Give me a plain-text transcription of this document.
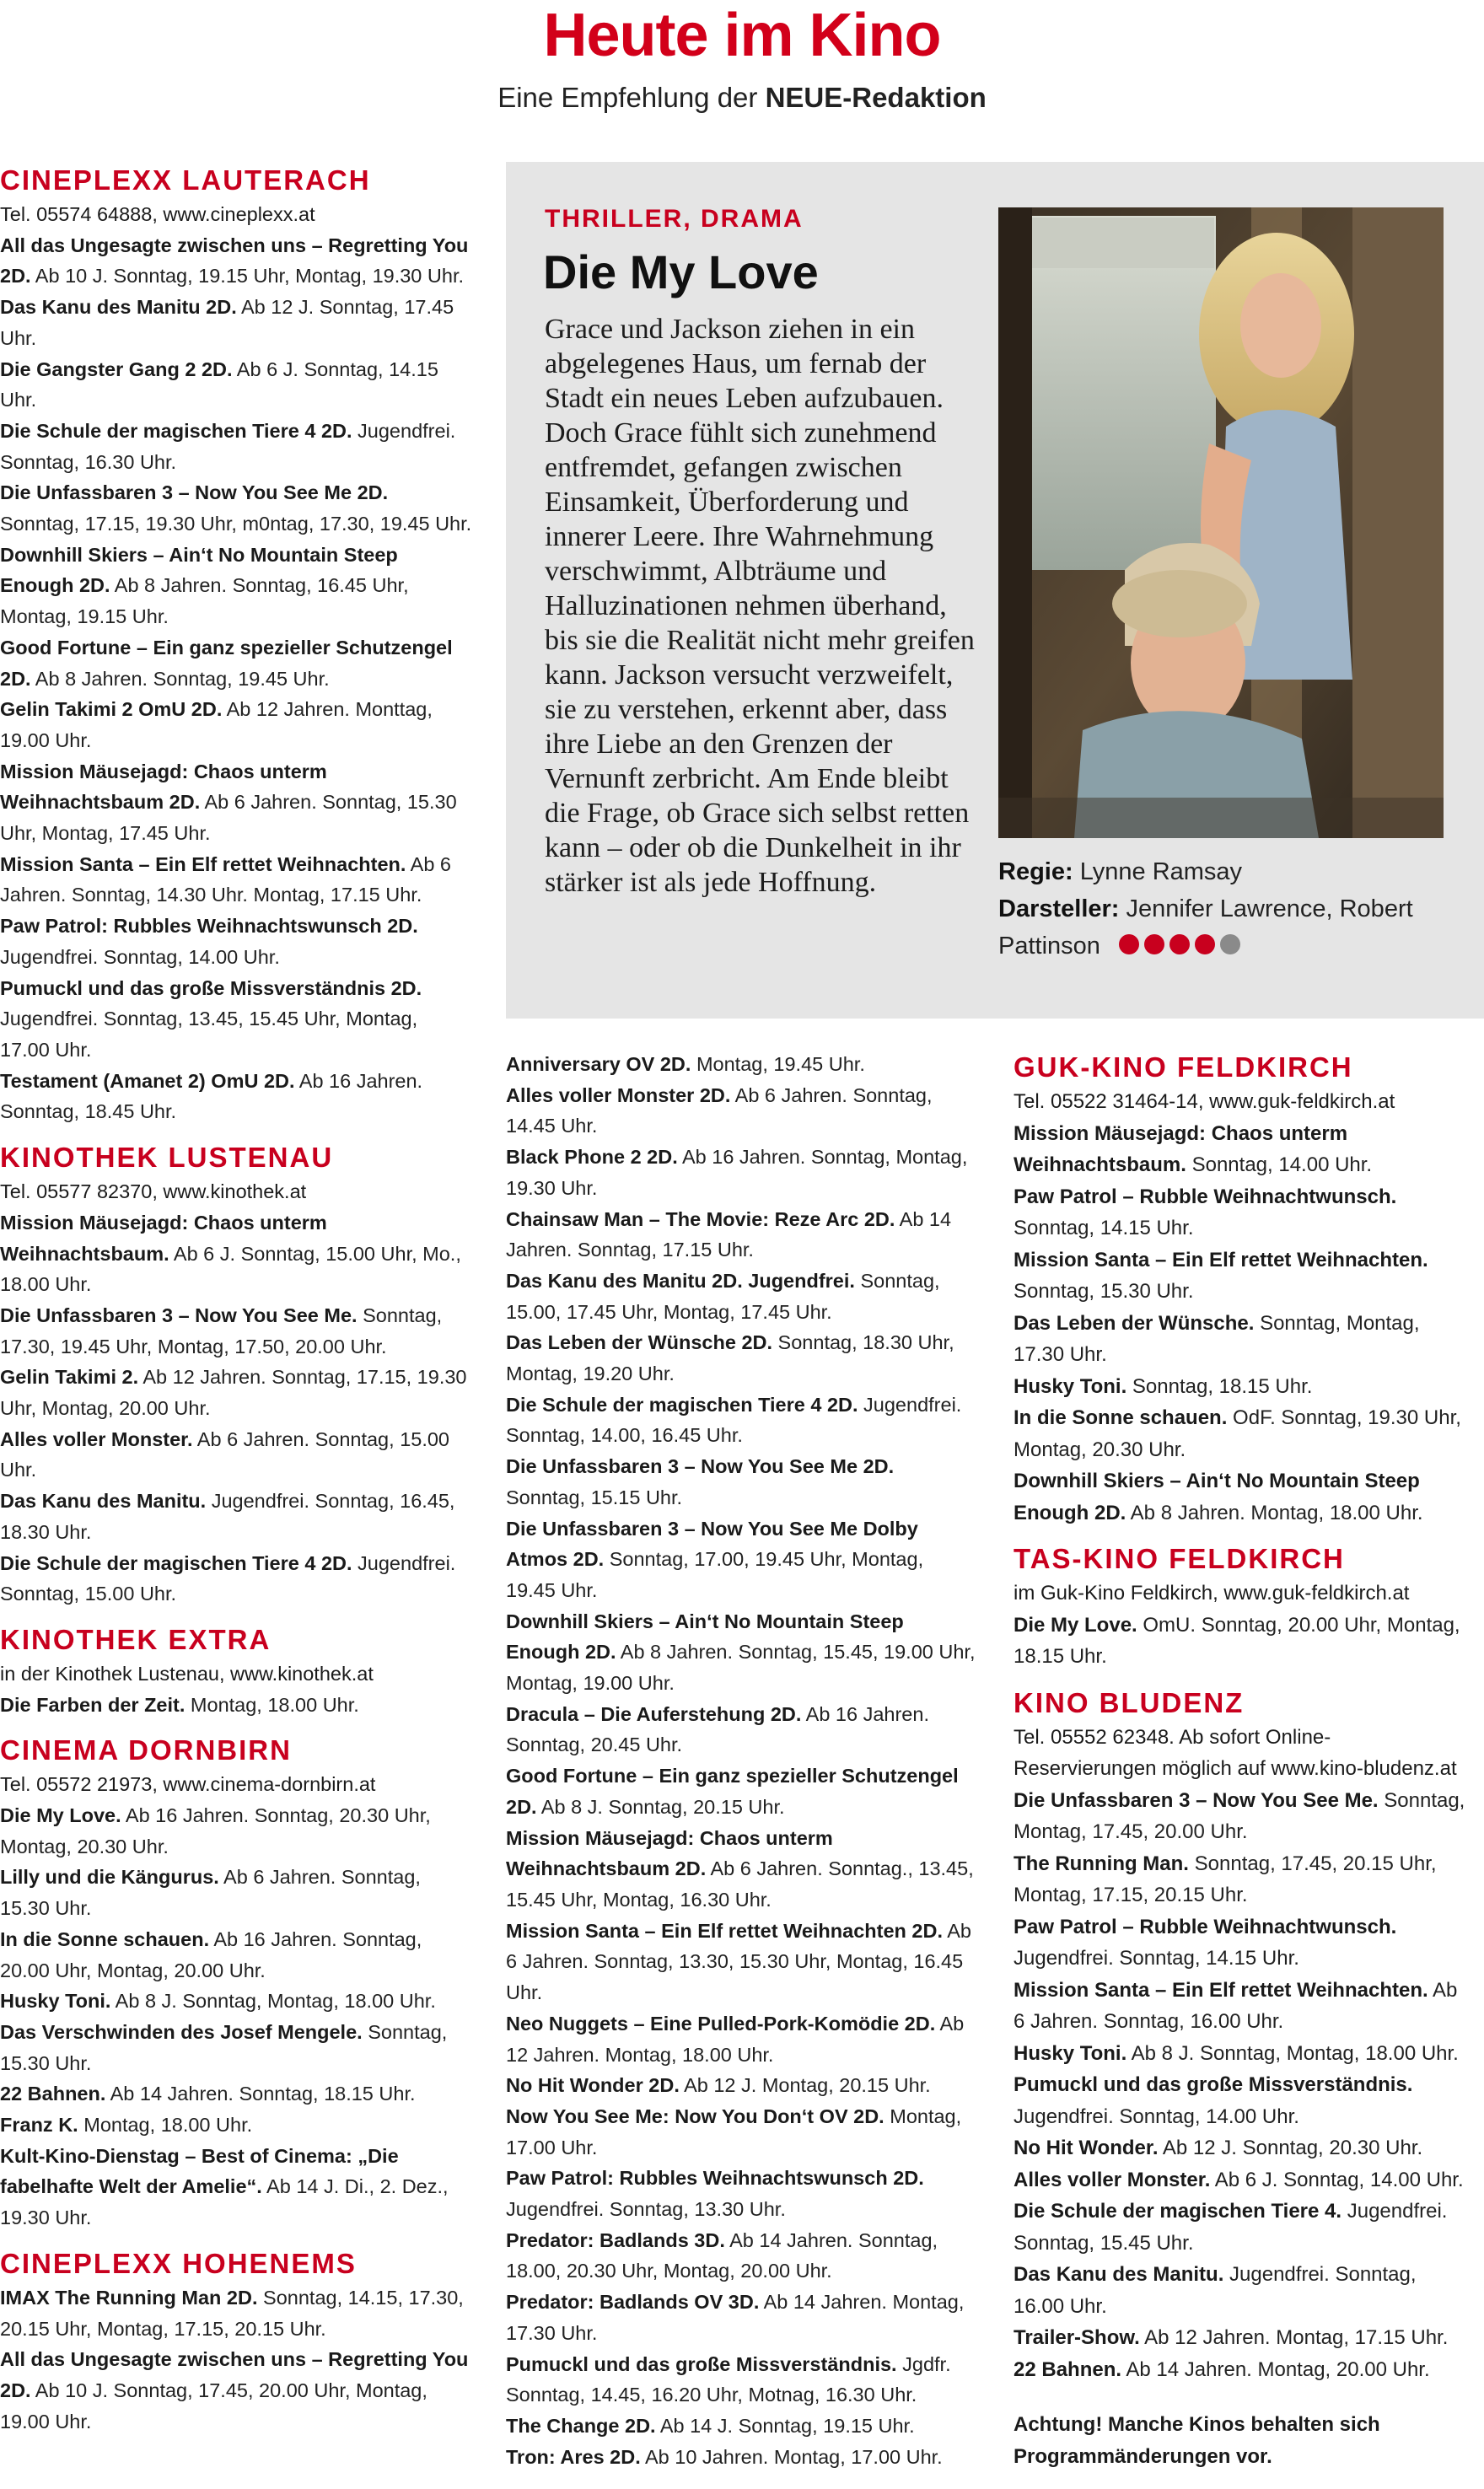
Heute im Kino
Eine Empfehlung der NEUE-Redaktion

CINEPLEXX LAUTERACH

Tel. 05574 64888, www.cineplexx.at

All das Ungesagte zwischen uns – Regretting You 2D. Ab 10 J. Sonntag, 19.15 Uhr, Montag, 19.30 Uhr.

Das Kanu des Manitu 2D. Ab 12 J. Sonntag, 17.45 Uhr.

Die Gangster Gang 2 2D. Ab 6 J. Sonntag, 14.15 Uhr.

Die Schule der magischen Tiere 4 2D. Jugendfrei. Sonntag, 16.30 Uhr.

Die Unfassbaren 3 – Now You See Me 2D. Sonntag, 17.15, 19.30 Uhr, m0ntag, 17.30, 19.45 Uhr.

Downhill Skiers – Ain‘t No Mountain Steep Enough 2D. Ab 8 Jahren. Sonntag, 16.45 Uhr, Montag, 19.15 Uhr.

Good Fortune – Ein ganz spezieller Schutzengel 2D. Ab 8 Jahren. Sonntag, 19.45 Uhr.

Gelin Takimi 2 OmU 2D. Ab 12 Jahren. Monttag, 19.00 Uhr.

Mission Mäusejagd: Chaos unterm Weihnachtsbaum 2D. Ab 6 Jahren. Sonntag, 15.30 Uhr, Montag, 17.45 Uhr.

Mission Santa – Ein Elf rettet Weihnachten. Ab 6 Jahren. Sonntag, 14.30 Uhr. Montag, 17.15 Uhr.

Paw Patrol: Rubbles Weihnachtswunsch 2D. Jugendfrei. Sonntag, 14.00 Uhr.

Pumuckl und das große Missverständnis 2D. Jugendfrei. Sonntag, 13.45, 15.45 Uhr, Montag, 17.00 Uhr.

Testament (Amanet 2) OmU 2D. Ab 16 Jahren. Sonntag, 18.45 Uhr.

KINOTHEK LUSTENAU

Tel. 05577 82370, www.kinothek.at

Mission Mäusejagd: Chaos unterm Weihnachtsbaum. Ab 6 J. Sonntag, 15.00 Uhr, Mo., 18.00 Uhr.

Die Unfassbaren 3 – Now You See Me. Sonntag, 17.30, 19.45 Uhr, Montag, 17.50, 20.00 Uhr.

Gelin Takimi 2. Ab 12 Jahren. Sonntag, 17.15, 19.30 Uhr, Montag, 20.00 Uhr.

Alles voller Monster. Ab 6 Jahren. Sonntag, 15.00 Uhr.

Das Kanu des Manitu. Jugendfrei. Sonntag, 16.45, 18.30 Uhr.

Die Schule der magischen Tiere 4 2D. Jugendfrei. Sonntag, 15.00 Uhr.

KINOTHEK EXTRA

in der Kinothek Lustenau, www.kinothek.at

Die Farben der Zeit. Montag, 18.00 Uhr.

CINEMA DORNBIRN

Tel. 05572 21973, www.cinema-dornbirn.at

Die My Love. Ab 16 Jahren. Sonntag, 20.30 Uhr, Montag, 20.30 Uhr.

Lilly und die Kängurus. Ab 6 Jahren. Sonntag, 15.30 Uhr.

In die Sonne schauen. Ab 16 Jahren. Sonntag, 20.00 Uhr, Montag, 20.00 Uhr.

Husky Toni. Ab 8 J. Sonntag, Montag, 18.00 Uhr.

Das Verschwinden des Josef Mengele. Sonntag, 15.30 Uhr.

22 Bahnen. Ab 14 Jahren. Sonntag, 18.15 Uhr.

Franz K. Montag, 18.00 Uhr.

Kult-Kino-Dienstag – Best of Cinema: „Die fabelhafte Welt der Amelie“. Ab 14 J. Di., 2. Dez., 19.30 Uhr.

CINEPLEXX HOHENEMS

IMAX The Running Man 2D. Sonntag, 14.15, 17.30, 20.15 Uhr, Montag, 17.15, 20.15 Uhr.

All das Ungesagte zwischen uns – Regretting You 2D. Ab 10 J. Sonntag, 17.45, 20.00 Uhr, Montag, 19.00 Uhr.

THRILLER, DRAMA
Die My Love
Grace und Jackson ziehen in ein abgelegenes Haus, um fernab der Stadt ein neues Leben aufzubauen. Doch Grace fühlt sich zunehmend entfremdet, gefangen zwischen Einsamkeit, Überforderung und innerer Leere. Ihre Wahrnehmung verschwimmt, Albträume und Halluzinationen nehmen überhand, bis sie die Realität nicht mehr greifen kann. Jackson versucht verzweifelt, sie zu verstehen, erkennt aber, dass ihre Liebe an den Grenzen der Vernunft zerbricht. Am Ende bleibt die Frage, ob Grace sich selbst retten kann – oder ob die Dunkelheit in ihr stärker ist als jede Hoffnung.	Regie: Lynne Ramsay
Darsteller: Jennifer Lawrence, Robert Pattinson

Anniversary OV 2D. Montag, 19.45 Uhr.

Alles voller Monster 2D. Ab 6 Jahren. Sonntag, 14.45 Uhr.

Black Phone 2 2D. Ab 16 Jahren. Sonntag, Montag, 19.30 Uhr.

Chainsaw Man – The Movie: Reze Arc 2D. Ab 14 Jahren. Sonntag, 17.15 Uhr.

Das Kanu des Manitu 2D. Jugendfrei. Sonntag, 15.00, 17.45 Uhr, Montag, 17.45 Uhr.

Das Leben der Wünsche 2D. Sonntag, 18.30 Uhr, Montag, 19.20 Uhr.

Die Schule der magischen Tiere 4 2D. Jugendfrei. Sonntag, 14.00, 16.45 Uhr.

Die Unfassbaren 3 – Now You See Me 2D. Sonntag, 15.15 Uhr.

Die Unfassbaren 3 – Now You See Me Dolby Atmos 2D. Sonntag, 17.00, 19.45 Uhr, Montag, 19.45 Uhr.

Downhill Skiers – Ain‘t No Mountain Steep Enough 2D. Ab 8 Jahren. Sonntag, 15.45, 19.00 Uhr, Montag, 19.00 Uhr.

Dracula – Die Auferstehung 2D. Ab 16 Jahren. Sonntag, 20.45 Uhr.

Good Fortune – Ein ganz spezieller Schutzengel 2D. Ab 8 J. Sonntag, 20.15 Uhr.

Mission Mäusejagd: Chaos unterm Weihnachtsbaum 2D. Ab 6 Jahren. Sonntag., 13.45, 15.45 Uhr, Montag, 16.30 Uhr.

Mission Santa – Ein Elf rettet Weihnachten 2D. Ab 6 Jahren. Sonntag, 13.30, 15.30 Uhr, Montag, 16.45 Uhr.

Neo Nuggets – Eine Pulled-Pork-Komödie 2D. Ab 12 Jahren. Montag, 18.00 Uhr.

No Hit Wonder 2D. Ab 12 J. Montag, 20.15 Uhr.

Now You See Me: Now You Don‘t OV 2D. Montag, 17.00 Uhr.

Paw Patrol: Rubbles Weihnachtswunsch 2D. Jugendfrei. Sonntag, 13.30 Uhr.

Predator: Badlands 3D. Ab 14 Jahren. Sonntag, 18.00, 20.30 Uhr, Montag, 20.00 Uhr.

Predator: Badlands OV 3D. Ab 14 Jahren. Montag, 17.30 Uhr.

Pumuckl und das große Missverständnis. Jgdfr. Sonntag, 14.45, 16.20 Uhr, Motnag, 16.30 Uhr.

The Change 2D. Ab 14 J. Sonntag, 19.15 Uhr.

Tron: Ares 2D. Ab 10 Jahren. Montag, 17.00 Uhr.

GUK-KINO FELDKIRCH

Tel. 05522 31464-14, www.guk-feldkirch.at

Mission Mäusejagd: Chaos unterm Weihnachtsbaum. Sonntag, 14.00 Uhr.

Paw Patrol – Rubble Weihnachtwunsch. Sonntag, 14.15 Uhr.

Mission Santa – Ein Elf rettet Weihnachten. Sonntag, 15.30 Uhr.

Das Leben der Wünsche. Sonntag, Montag, 17.30 Uhr.

Husky Toni. Sonntag, 18.15 Uhr.

In die Sonne schauen. OdF. Sonntag, 19.30 Uhr, Montag, 20.30 Uhr.

Downhill Skiers – Ain‘t No Mountain Steep Enough 2D. Ab 8 Jahren. Montag, 18.00 Uhr.

TAS-KINO FELDKIRCH

im Guk-Kino Feldkirch, www.guk-feldkirch.at

Die My Love. OmU. Sonntag, 20.00 Uhr, Montag, 18.15 Uhr.

KINO BLUDENZ

Tel. 05552 62348. Ab sofort Online-Reservierungen möglich auf www.kino-bludenz.at

Die Unfassbaren 3 – Now You See Me. Sonntag, Montag, 17.45, 20.00 Uhr.

The Running Man. Sonntag, 17.45, 20.15 Uhr, Montag, 17.15, 20.15 Uhr.

Paw Patrol – Rubble Weihnachtwunsch. Jugendfrei. Sonntag, 14.15 Uhr.

Mission Santa – Ein Elf rettet Weihnachten. Ab 6 Jahren. Sonntag, 16.00 Uhr.

Husky Toni. Ab 8 J. Sonntag, Montag, 18.00 Uhr.

Pumuckl und das große Missverständnis. Jugendfrei. Sonntag, 14.00 Uhr.

No Hit Wonder. Ab 12 J. Sonntag, 20.30 Uhr.

Alles voller Monster. Ab 6 J. Sonntag, 14.00 Uhr.

Die Schule der magischen Tiere 4. Jugendfrei. Sonntag, 15.45 Uhr.

Das Kanu des Manitu. Jugendfrei. Sonntag, 16.00 Uhr.

Trailer-Show. Ab 12 Jahren. Montag, 17.15 Uhr.

22 Bahnen. Ab 14 Jahren. Montag, 20.00 Uhr.

Achtung! Manche Kinos behalten sich Programmänderungen vor.
